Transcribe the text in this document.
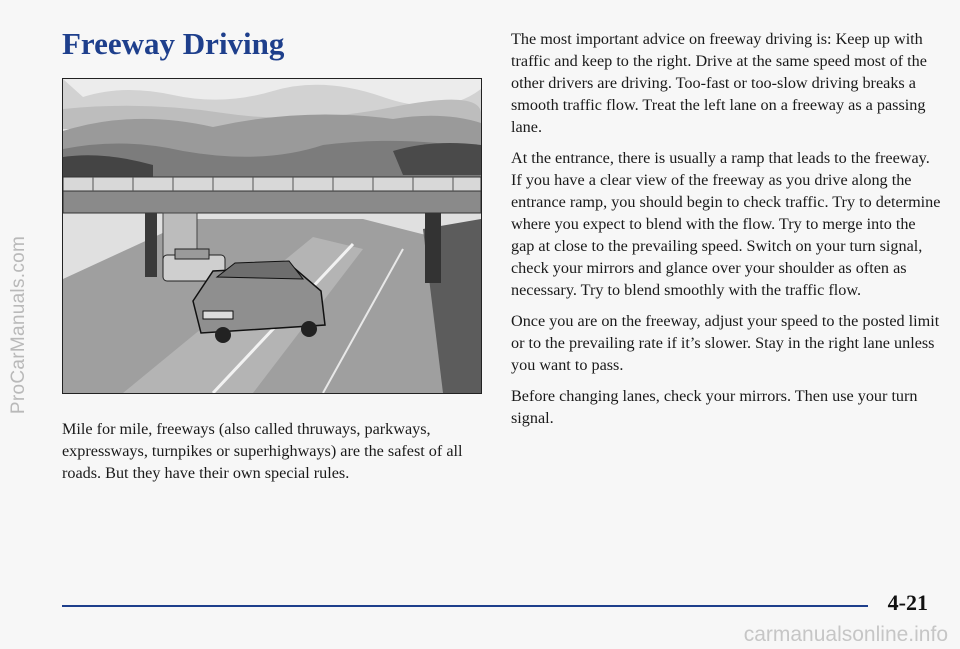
ProCarManuals.com
Freeway Driving

Mile for mile, freeways (also called thruways, parkways, expressways, turnpikes or superhighways) are the safest of all roads. But they have their own special rules.

The most important advice on freeway driving is: Keep up with traffic and keep to the right. Drive at the same speed most of the other drivers are driving. Too-fast or too-slow driving breaks a smooth traffic flow. Treat the left lane on a freeway as a passing lane.

At the entrance, there is usually a ramp that leads to the freeway. If you have a clear view of the freeway as you drive along the entrance ramp, you should begin to check traffic. Try to determine where you expect to blend with the flow. Try to merge into the gap at close to the prevailing speed. Switch on your turn signal, check your mirrors and glance over your shoulder as often as necessary. Try to blend smoothly with the traffic flow.

Once you are on the freeway, adjust your speed to the posted limit or to the prevailing rate if it’s slower. Stay in the right lane unless you want to pass.

Before changing lanes, check your mirrors. Then use your turn signal.

4-21
carmanualsonline.info
